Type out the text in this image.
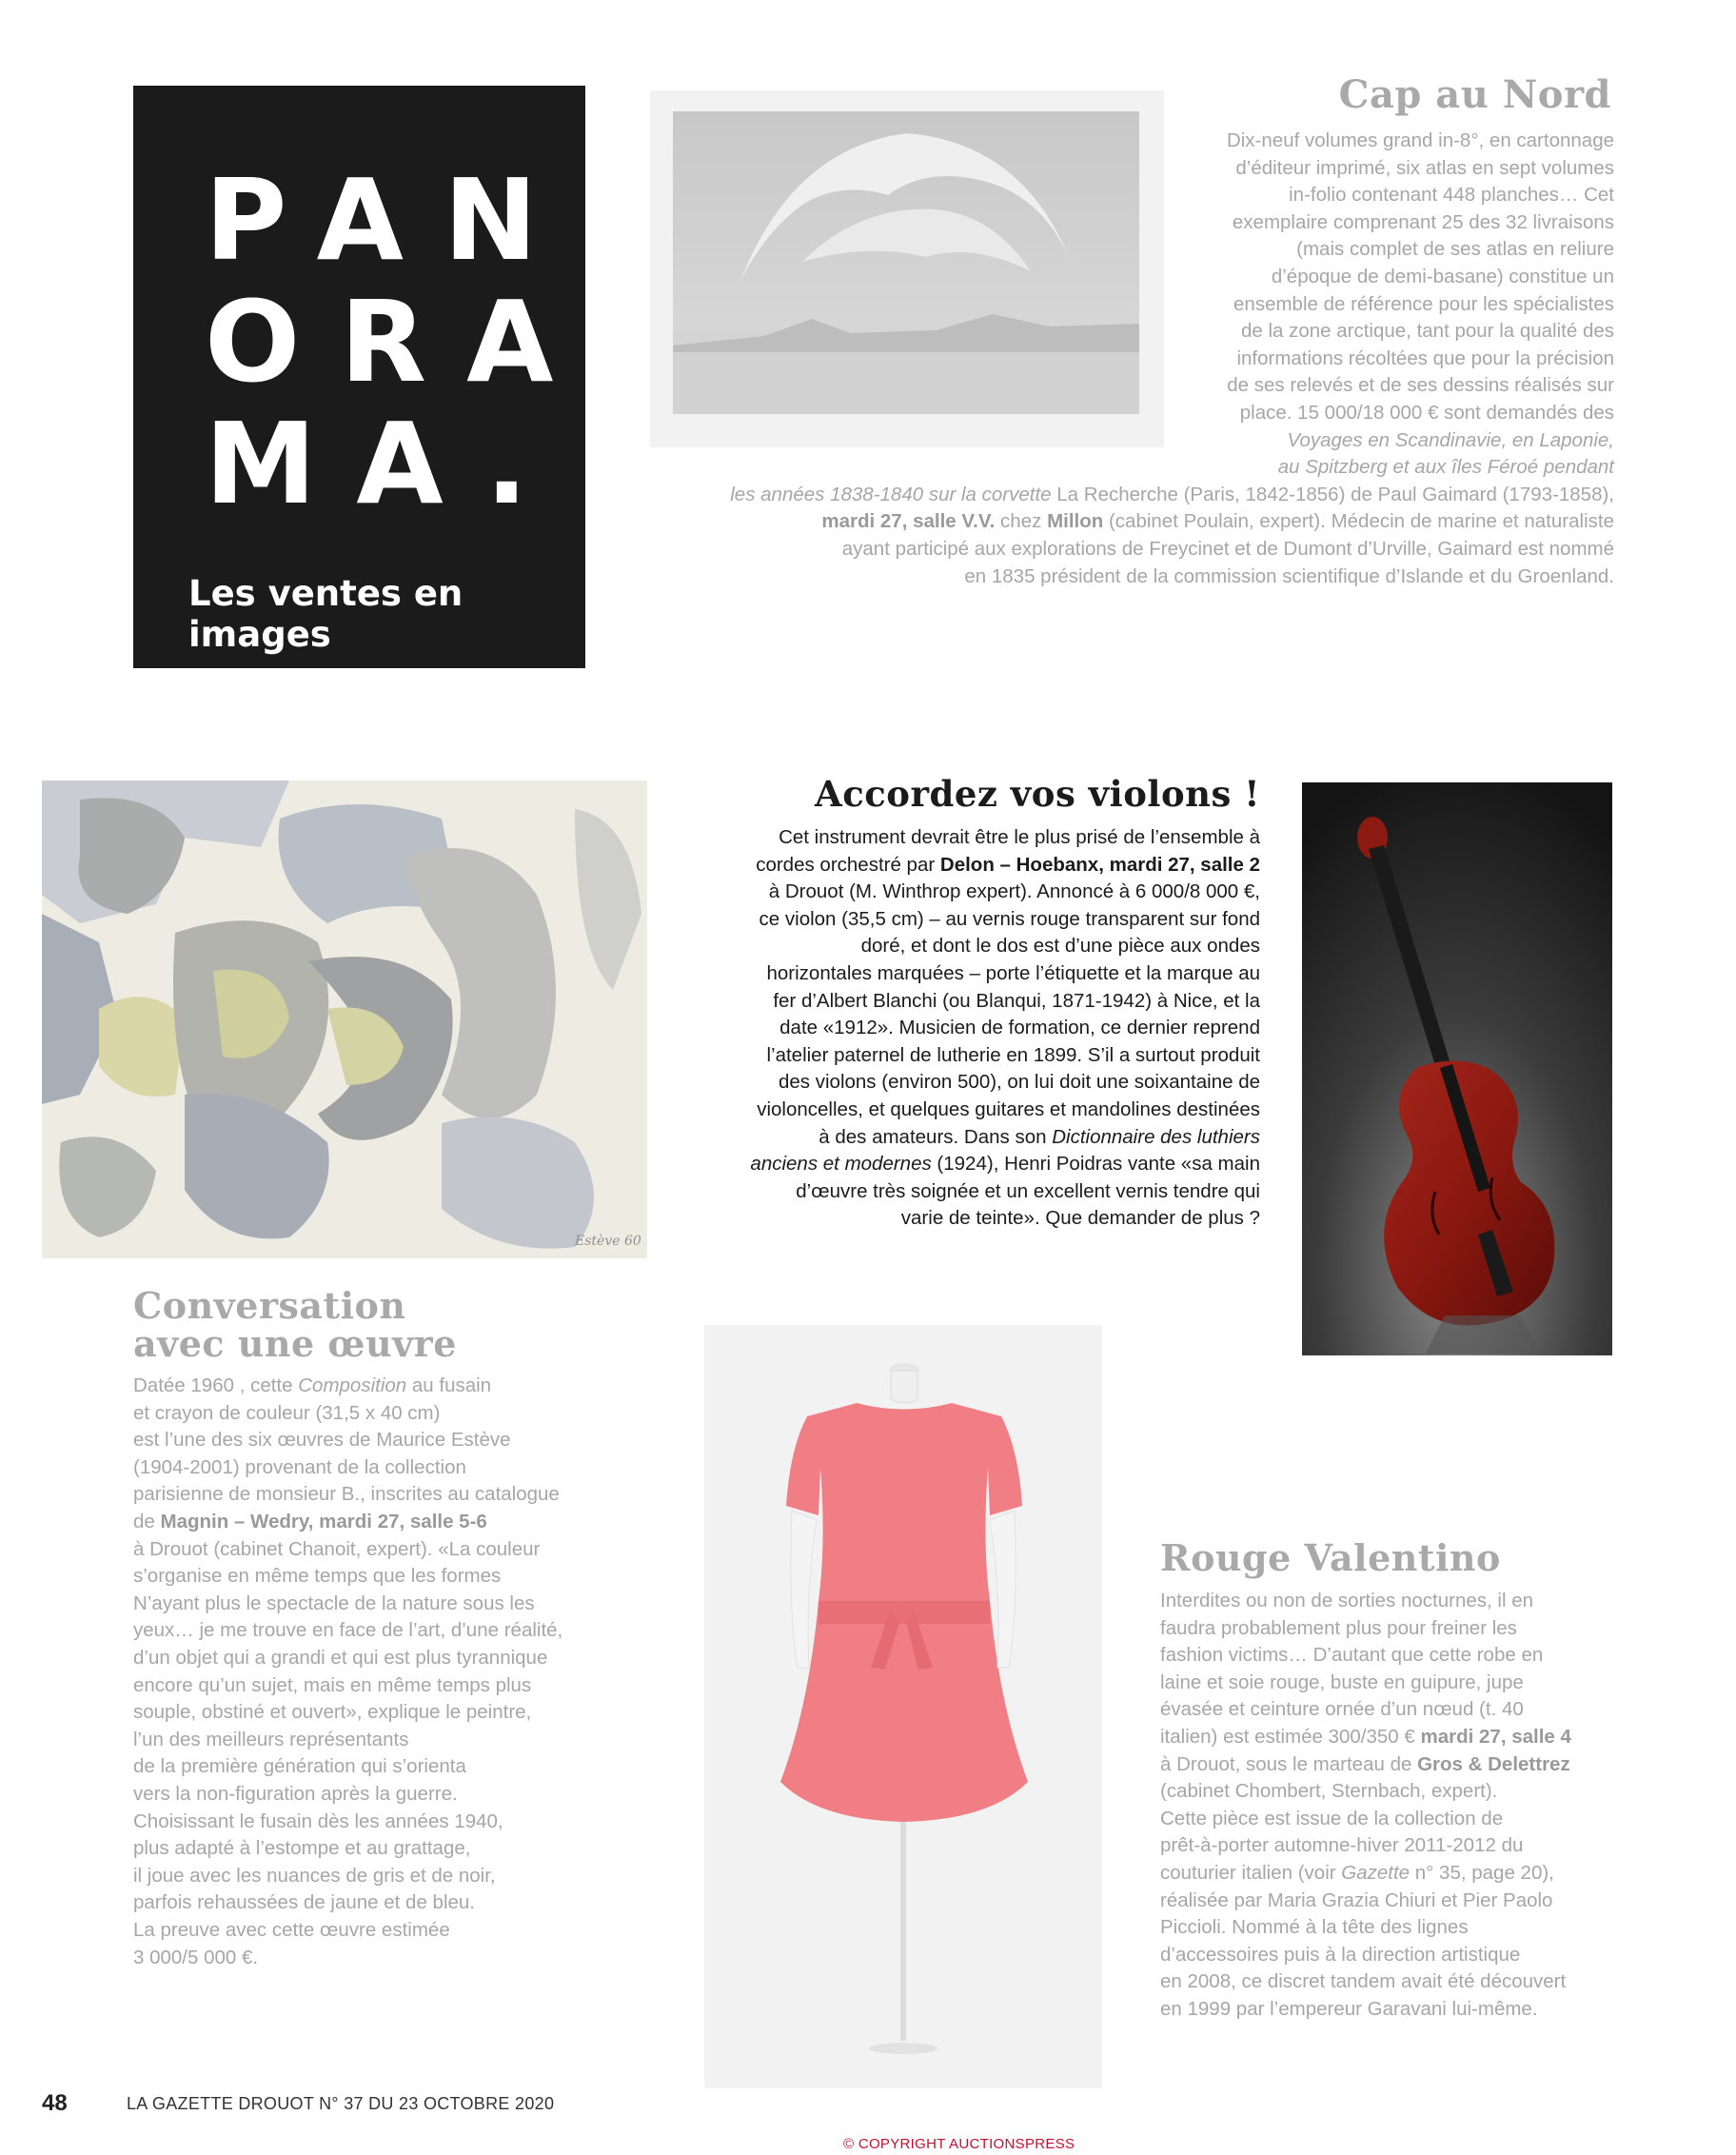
PAN
ORA
MA.
Les ventes en images
Cap au Nord
Dix-neuf volumes grand in-8°, en cartonnage
d’éditeur imprimé, six atlas en sept volumes
in-folio contenant 448 planches… Cet
exemplaire comprenant 25 des 32 livraisons
(mais complet de ses atlas en reliure
d’époque de demi-basane) constitue un
ensemble de référence pour les spécialistes
de la zone arctique, tant pour la qualité des
informations récoltées que pour la précision
de ses relevés et de ses dessins réalisés sur
place. 15 000/18 000 € sont demandés des
Voyages en Scandinavie, en Laponie,
au Spitzberg et aux îles Féroé pendant
les années 1838-1840 sur la corvette La Recherche (Paris, 1842-1856) de Paul Gaimard (1793-1858),
mardi 27, salle V.V. chez Millon (cabinet Poulain, expert). Médecin de marine et naturaliste
ayant participé aux explorations de Freycinet et de Dumont d’Urville, Gaimard est nommé
en 1835 président de la commission scientifique d’Islande et du Groenland.
Estève 60
Accordez vos violons !
Cet instrument devrait être le plus prisé de l’ensemble à
cordes orchestré par Delon – Hoebanx, mardi 27, salle 2
à Drouot (M. Winthrop expert). Annoncé à 6 000/8 000 €,
ce violon (35,5 cm) – au vernis rouge transparent sur fond
doré, et dont le dos est d’une pièce aux ondes
horizontales marquées – porte l’étiquette et la marque au
fer d’Albert Blanchi (ou Blanqui, 1871-1942) à Nice, et la
date «1912». Musicien de formation, ce dernier reprend
l’atelier paternel de lutherie en 1899. S’il a surtout produit
des violons (environ 500), on lui doit une soixantaine de
violoncelles, et quelques guitares et mandolines destinées
à des amateurs. Dans son Dictionnaire des luthiers
anciens et modernes (1924), Henri Poidras vante «sa main
d’œuvre très soignée et un excellent vernis tendre qui
varie de teinte». Que demander de plus ?
Conversation
avec une œuvre
Datée 1960 , cette Composition au fusain
et crayon de couleur (31,5 x 40 cm)
est l’une des six œuvres de Maurice Estève
(1904-2001) provenant de la collection
parisienne de monsieur B., inscrites au catalogue
de Magnin – Wedry, mardi 27, salle 5-6
à Drouot (cabinet Chanoit, expert). «La couleur
s’organise en même temps que les formes
N’ayant plus le spectacle de la nature sous les
yeux… je me trouve en face de l’art, d’une réalité,
d’un objet qui a grandi et qui est plus tyrannique
encore qu’un sujet, mais en même temps plus
souple, obstiné et ouvert», explique le peintre,
l’un des meilleurs représentants
de la première génération qui s’orienta
vers la non-figuration après la guerre.
Choisissant le fusain dès les années 1940,
plus adapté à l’estompe et au grattage,
il joue avec les nuances de gris et de noir,
parfois rehaussées de jaune et de bleu.
La preuve avec cette œuvre estimée
3 000/5 000 €.
Rouge Valentino
Interdites ou non de sorties nocturnes, il en
faudra probablement plus pour freiner les
fashion victims… D’autant que cette robe en
laine et soie rouge, buste en guipure, jupe
évasée et ceinture ornée d’un nœud (t. 40
italien) est estimée 300/350 € mardi 27, salle 4
à Drouot, sous le marteau de Gros & Delettrez
(cabinet Chombert, Sternbach, expert).
Cette pièce est issue de la collection de
prêt-à-porter automne-hiver 2011-2012 du
couturier italien (voir Gazette n° 35, page 20),
réalisée par Maria Grazia Chiuri et Pier Paolo
Piccioli. Nommé à la tête des lignes
d’accessoires puis à la direction artistique
en 2008, ce discret tandem avait été découvert
en 1999 par l’empereur Garavani lui-même.
48	LA GAZETTE DROUOT N° 37 DU 23 OCTOBRE 2020
© COPYRIGHT AUCTIONSPRESS
